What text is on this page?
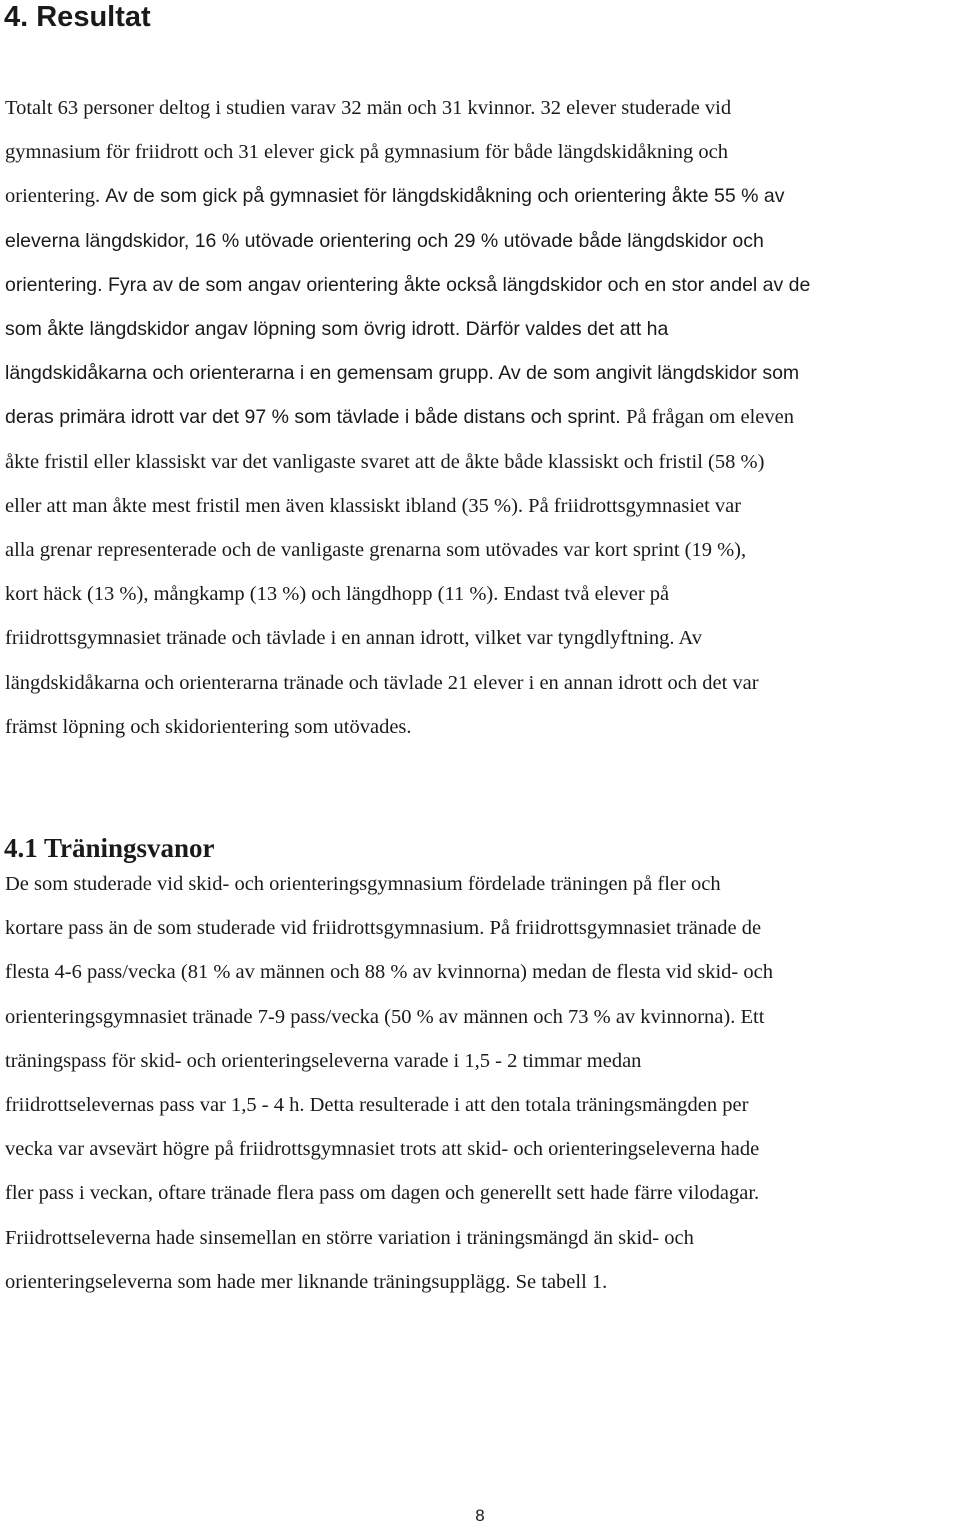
4. Resultat
Totalt 63 personer deltog i studien varav 32 män och 31 kvinnor. 32 elever studerade vid
gymnasium för friidrott och 31 elever gick på gymnasium för både längdskidåkning och
orientering. Av de som gick på gymnasiet för längdskidåkning och orientering åkte 55 % av
eleverna längdskidor, 16 % utövade orientering och 29 % utövade både längdskidor och
orientering. Fyra av de som angav orientering åkte också längdskidor och en stor andel av de
som åkte längdskidor angav löpning som övrig idrott. Därför valdes det att ha
längdskidåkarna och orienterarna i en gemensam grupp. Av de som angivit längdskidor som
deras primära idrott var det 97 % som tävlade i både distans och sprint. På frågan om eleven
åkte fristil eller klassiskt var det vanligaste svaret att de åkte både klassiskt och fristil (58 %)
eller att man åkte mest fristil men även klassiskt ibland (35 %). På friidrottsgymnasiet var
alla grenar representerade och de vanligaste grenarna som utövades var kort sprint (19 %),
kort häck (13 %), mångkamp (13 %) och längdhopp (11 %). Endast två elever på
friidrottsgymnasiet tränade och tävlade i en annan idrott, vilket var tyngdlyftning. Av
längdskidåkarna och orienterarna tränade och tävlade 21 elever i en annan idrott och det var
främst löpning och skidorientering som utövades.
4.1 Träningsvanor
De som studerade vid skid- och orienteringsgymnasium fördelade träningen på fler och
kortare pass än de som studerade vid friidrottsgymnasium. På friidrottsgymnasiet tränade de
flesta 4-6 pass/vecka (81 % av männen och 88 % av kvinnorna) medan de flesta vid skid- och
orienteringsgymnasiet tränade 7-9 pass/vecka (50 % av männen och 73 % av kvinnorna). Ett
träningspass för skid- och orienteringseleverna varade i 1,5 - 2 timmar medan
friidrottselevernas pass var 1,5 - 4 h. Detta resulterade i att den totala träningsmängden per
vecka var avsevärt högre på friidrottsgymnasiet trots att skid- och orienteringseleverna hade
fler pass i veckan, oftare tränade flera pass om dagen och generellt sett hade färre vilodagar.
Friidrottseleverna hade sinsemellan en större variation i träningsmängd än skid- och
orienteringseleverna som hade mer liknande träningsupplägg. Se tabell 1.
8
